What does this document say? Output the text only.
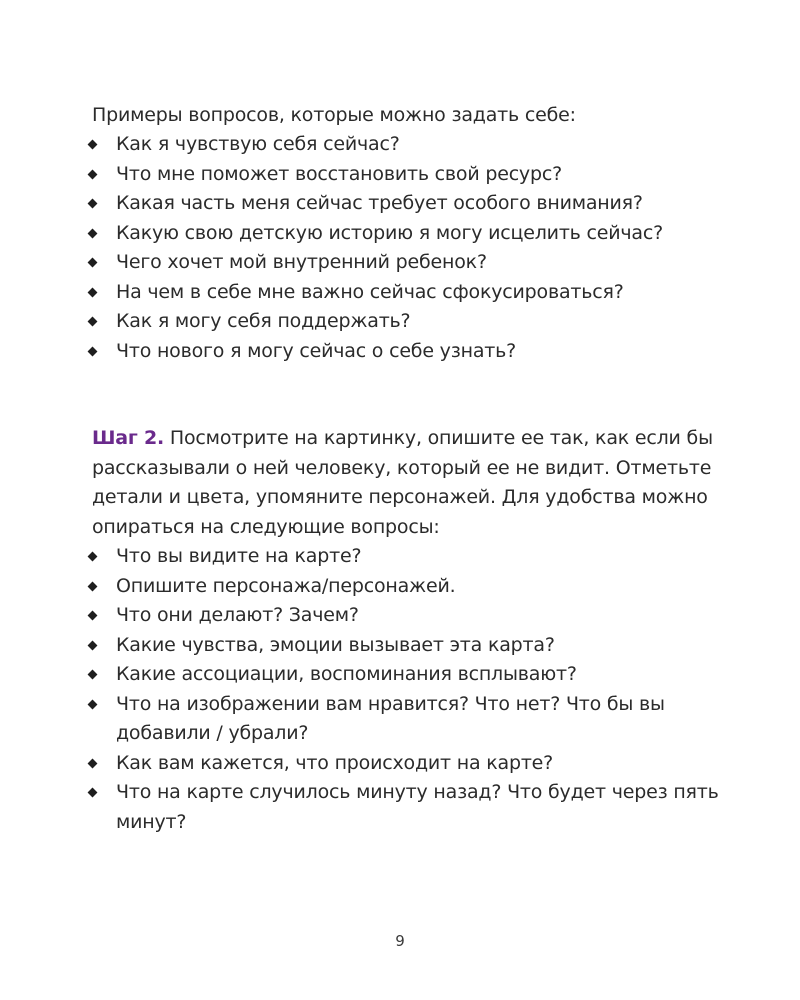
Примеры вопросов, которые можно задать себе:

Как я чувствую себя сейчас?
Что мне поможет восстановить свой ресурс?
Какая часть меня сейчас требует особого внимания?
Какую свою детскую историю я могу исцелить сейчас?
Чего хочет мой внутренний ребенок?
На чем в себе мне важно сейчас сфокусироваться?
Как я могу себя поддержать?
Что нового я могу сейчас о себе узнать?

Шаг 2. Посмотрите на картинку, опишите ее так, как если бы рассказывали о ней человеку, который ее не видит. Отметьте детали и цвета, упомяните персонажей. Для удобства можно опираться на следующие вопросы:

Что вы видите на карте?
Опишите персонажа/персонажей.
Что они делают? Зачем?
Какие чувства, эмоции вызывает эта карта?
Какие ассоциации, воспоминания всплывают?
Что на изображении вам нравится? Что нет? Что бы вы добавили / убрали?
Как вам кажется, что происходит на карте?
Что на карте случилось минуту назад? Что будет через пять минут?
9
